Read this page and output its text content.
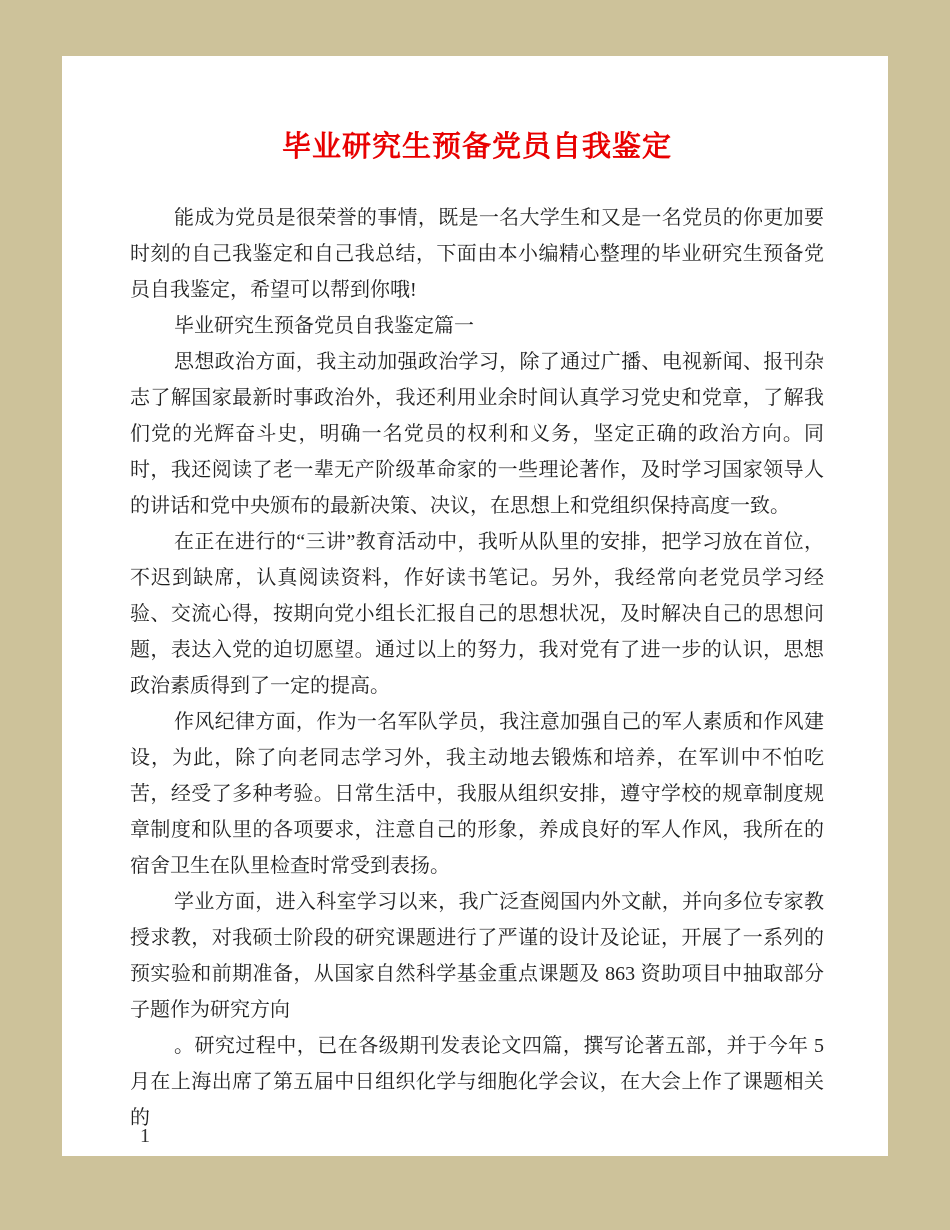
毕业研究生预备党员自我鉴定

能成为党员是很荣誉的事情，既是一名大学生和又是一名党员的你更加要时刻的自己我鉴定和自己我总结，下面由本小编精心整理的毕业研究生预备党员自我鉴定，希望可以帮到你哦!

毕业研究生预备党员自我鉴定篇一

思想政治方面，我主动加强政治学习，除了通过广播、电视新闻、报刊杂志了解国家最新时事政治外，我还利用业余时间认真学习党史和党章，了解我们党的光辉奋斗史，明确一名党员的权利和义务，坚定正确的政治方向。同时，我还阅读了老一辈无产阶级革命家的一些理论著作，及时学习国家领导人的讲话和党中央颁布的最新决策、决议，在思想上和党组织保持高度一致。

在正在进行的“三讲”教育活动中，我听从队里的安排，把学习放在首位，不迟到缺席，认真阅读资料，作好读书笔记。另外，我经常向老党员学习经验、交流心得，按期向党小组长汇报自己的思想状况，及时解决自己的思想问题，表达入党的迫切愿望。通过以上的努力，我对党有了进一步的认识，思想政治素质得到了一定的提高。

作风纪律方面，作为一名军队学员，我注意加强自己的军人素质和作风建设，为此，除了向老同志学习外，我主动地去锻炼和培养，在军训中不怕吃苦，经受了多种考验。日常生活中，我服从组织安排，遵守学校的规章制度规章制度和队里的各项要求，注意自己的形象，养成良好的军人作风，我所在的宿舍卫生在队里检查时常受到表扬。

学业方面，进入科室学习以来，我广泛查阅国内外文献，并向多位专家教授求教，对我硕士阶段的研究课题进行了严谨的设计及论证，开展了一系列的预实验和前期准备，从国家自然科学基金重点课题及 863 资助项目中抽取部分子题作为研究方向

。研究过程中，已在各级期刊发表论文四篇，撰写论著五部，并于今年 5 月在上海出席了第五届中日组织化学与细胞化学会议，在大会上作了课题相关的

1
